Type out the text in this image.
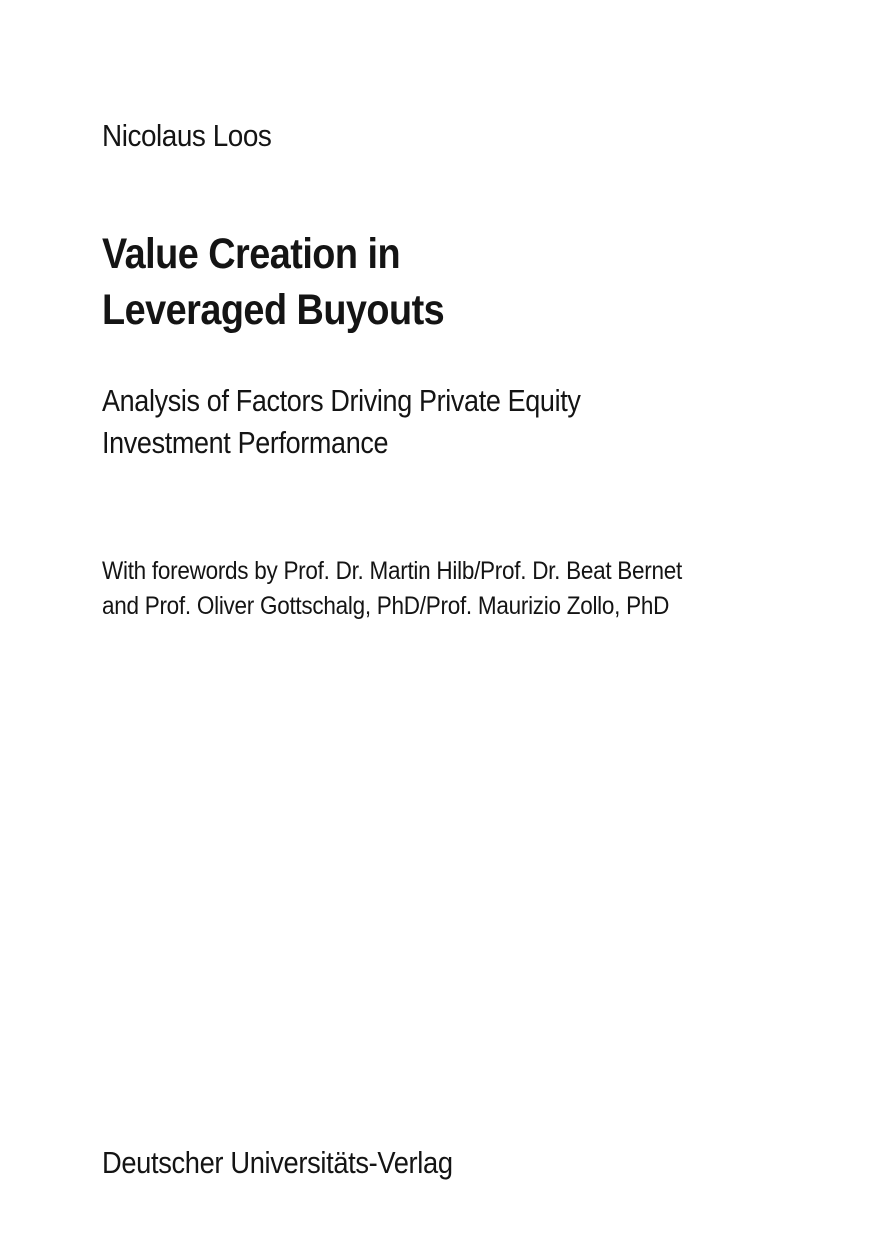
Nicolaus Loos
Value Creation in
Leveraged Buyouts
Analysis of Factors Driving Private Equity
Investment Performance
With forewords by Prof. Dr. Martin Hilb/Prof. Dr. Beat Bernet
and Prof. Oliver Gottschalg, PhD/Prof. Maurizio Zollo, PhD
Deutscher Universitäts-Verlag
